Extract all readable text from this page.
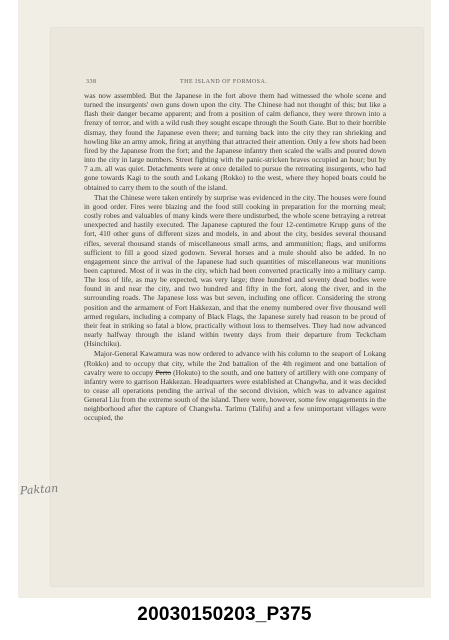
338	THE ISLAND OF FORMOSA.

was now assembled. But the Japanese in the fort above them had witnessed the whole scene and turned the insurgents' own guns down upon the city. The Chinese had not thought of this; but like a flash their danger became apparent; and from a position of calm defiance, they were thrown into a frenzy of terror, and with a wild rush they sought escape through the South Gate. But to their horrible dismay, they found the Japanese even there; and turning back into the city they ran shrieking and howling like an army amok, firing at anything that attracted their attention. Only a few shots had been fired by the Japanese from the fort; and the Japanese infantry then scaled the walls and poured down into the city in large numbers. Street fighting with the panic-stricken braves occupied an hour; but by 7 a.m. all was quiet. Detachments were at once detailed to pursue the retreating insurgents, who had gone towards Kagi to the south and Lokang (Rokko) to the west, where they hoped boats could be obtained to carry them to the south of the island.

That the Chinese were taken entirely by surprise was evidenced in the city. The houses were found in good order. Fires were blazing and the food still cooking in preparation for the morning meal; costly robes and valuables of many kinds were there undisturbed, the whole scene betraying a retreat unexpected and hastily executed. The Japanese captured the four 12-centimetre Krupp guns of the fort, 410 other guns of different sizes and models, in and about the city, besides several thousand rifles, several thousand stands of miscellaneous small arms, and ammunition; flags, and uniforms sufficient to fill a good sized godown. Several horses and a mule should also be added. In no engagement since the arrival of the Japanese had such quantities of miscellaneous war munitions been captured. Most of it was in the city, which had been converted practically into a military camp. The loss of life, as may be expected, was very large; three hundred and seventy dead bodies were found in and near the city, and two hundred and fifty in the fort, along the river, and in the surrounding roads. The Japanese loss was but seven, including one officer. Considering the strong position and the armament of Fort Hakkezan, and that the enemy numbered over five thousand well armed regulars, including a company of Black Flags, the Japanese surely had reason to be proud of their feat in striking so fatal a blow, practically without loss to themselves. They had now advanced nearly halfway through the island within twenty days from their departure from Teckcham (Hsinchiku).

Major-General Kawamura was now ordered to advance with his column to the seaport of Lokang (Rokko) and to occupy that city, while the 2nd battalion of the 4th regiment and one battalion of cavalry were to occupy Perto (Hokuto) to the south, and one battery of artillery with one company of infantry were to garrison Hakkezan. Headquarters were established at Changwha, and it was decided to cease all operations pending the arrival of the second division, which was to advance against General Liu from the extreme south of the island. There were, however, some few engagements in the neighborhood after the capture of Changwha. Tarimu (Talifu) and a few unimportant villages were occupied, the

Paktan
20030150203_P375
